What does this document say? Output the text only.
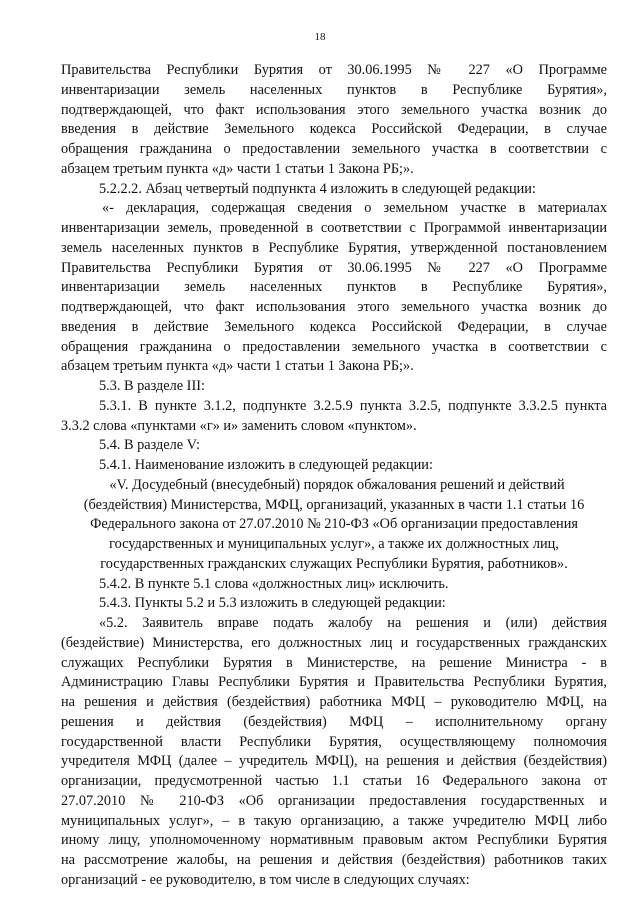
18
Правительства Республики Бурятия от 30.06.1995 № 227 «О Программе
инвентаризации земель населенных пунктов в Республике Бурятия»,
подтверждающей, что факт использования этого земельного участка возник до
введения в действие Земельного кодекса Российской Федерации, в случае
обращения гражданина о предоставлении земельного участка в соответствии с
абзацем третьим пункта «д» части 1 статьи 1 Закона РБ;».
5.2.2.2. Абзац четвертый подпункта 4 изложить в следующей редакции:
«- декларация, содержащая сведения о земельном участке в материалах
инвентаризации земель, проведенной в соответствии с Программой инвентаризации
земель населенных пунктов в Республике Бурятия, утвержденной постановлением
Правительства Республики Бурятия от 30.06.1995 № 227 «О Программе
инвентаризации земель населенных пунктов в Республике Бурятия»,
подтверждающей, что факт использования этого земельного участка возник до
введения в действие Земельного кодекса Российской Федерации, в случае
обращения гражданина о предоставлении земельного участка в соответствии с
абзацем третьим пункта «д» части 1 статьи 1 Закона РБ;».
5.3. В разделе III:
5.3.1. В пункте 3.1.2, подпункте 3.2.5.9 пункта 3.2.5, подпункте 3.3.2.5 пункта
3.3.2 слова «пунктами «г» и» заменить словом «пунктом».
5.4. В разделе V:
5.4.1. Наименование изложить в следующей редакции:
«V. Досудебный (внесудебный) порядок обжалования решений и действий
(бездействия) Министерства, МФЦ, организаций, указанных в части 1.1 статьи 16
Федерального закона от 27.07.2010 № 210-ФЗ «Об организации предоставления
государственных и муниципальных услуг», а также их должностных лиц,
государственных гражданских служащих Республики Бурятия, работников».
5.4.2. В пункте 5.1 слова «должностных лиц» исключить.
5.4.3. Пункты 5.2 и 5.3 изложить в следующей редакции:
«5.2. Заявитель вправе подать жалобу на решения и (или) действия
(бездействие) Министерства, его должностных лиц и государственных гражданских
служащих Республики Бурятия в Министерстве, на решение Министра - в
Администрацию Главы Республики Бурятия и Правительства Республики Бурятия,
на решения и действия (бездействия) работника МФЦ – руководителю МФЦ, на
решения и действия (бездействия) МФЦ – исполнительному органу
государственной власти Республики Бурятия, осуществляющему полномочия
учредителя МФЦ (далее – учредитель МФЦ), на решения и действия (бездействия)
организации, предусмотренной частью 1.1 статьи 16 Федерального закона от
27.07.2010 № 210-ФЗ «Об организации предоставления государственных и
муниципальных услуг», – в такую организацию, а также учредителю МФЦ либо
иному лицу, уполномоченному нормативным правовым актом Республики Бурятия
на рассмотрение жалобы, на решения и действия (бездействия) работников таких
организаций - ее руководителю, в том числе в следующих случаях:
